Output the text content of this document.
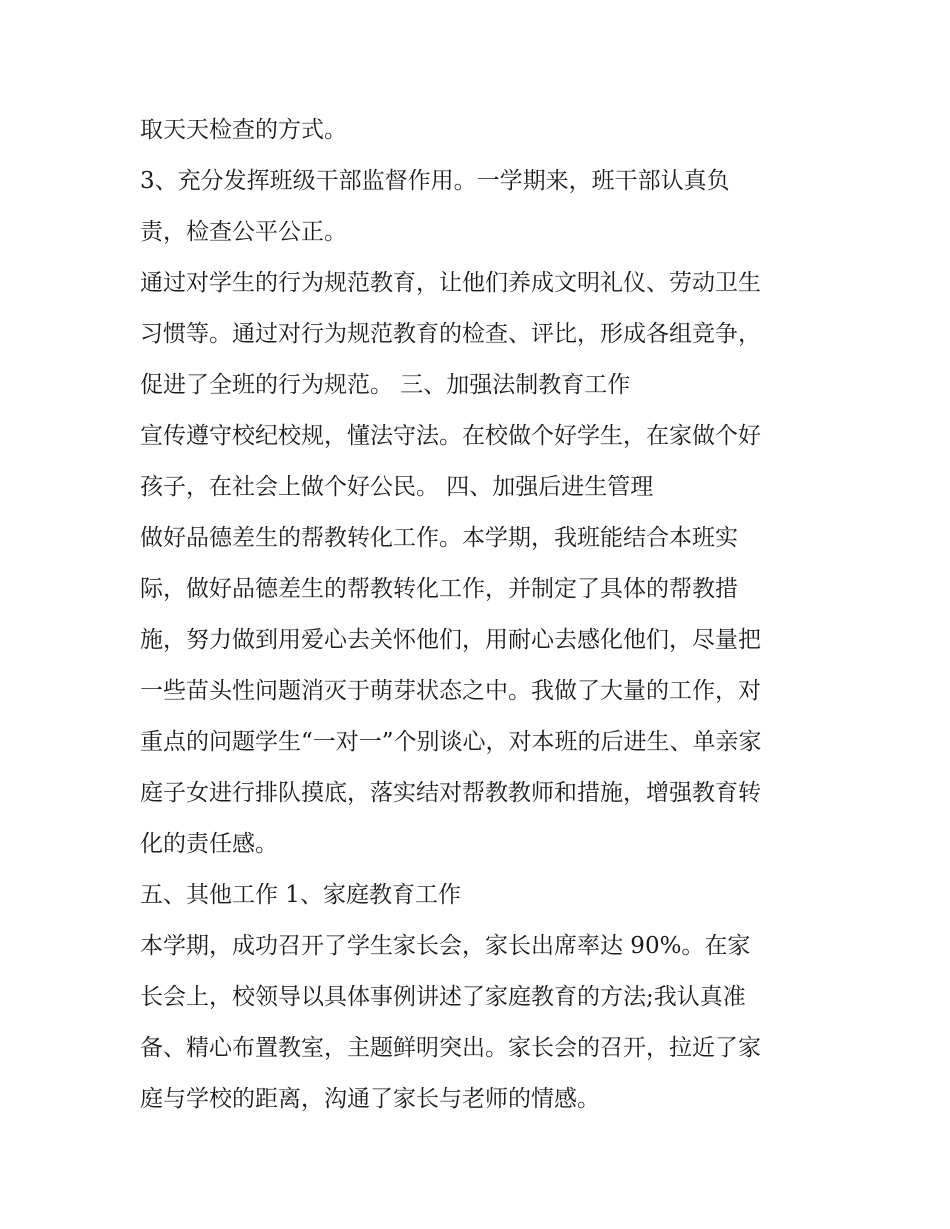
取天天检查的方式。
3、充分发挥班级干部监督作用。一学期来，班干部认真负
责，检查公平公正。
通过对学生的行为规范教育，让他们养成文明礼仪、劳动卫生
习惯等。通过对行为规范教育的检查、评比，形成各组竞争，
促进了全班的行为规范。 三、加强法制教育工作
宣传遵守校纪校规，懂法守法。在校做个好学生，在家做个好
孩子，在社会上做个好公民。 四、加强后进生管理
做好品德差生的帮教转化工作。本学期，我班能结合本班实
际，做好品德差生的帮教转化工作，并制定了具体的帮教措
施，努力做到用爱心去关怀他们，用耐心去感化他们，尽量把
一些苗头性问题消灭于萌芽状态之中。我做了大量的工作，对
重点的问题学生“一对一”个别谈心，对本班的后进生、单亲家
庭子女进行排队摸底，落实结对帮教教师和措施，增强教育转
化的责任感。
五、其他工作 1、家庭教育工作
本学期，成功召开了学生家长会，家长出席率达 90%。在家
长会上，校领导以具体事例讲述了家庭教育的方法;我认真准
备、精心布置教室，主题鲜明突出。家长会的召开，拉近了家
庭与学校的距离，沟通了家长与老师的情感。
